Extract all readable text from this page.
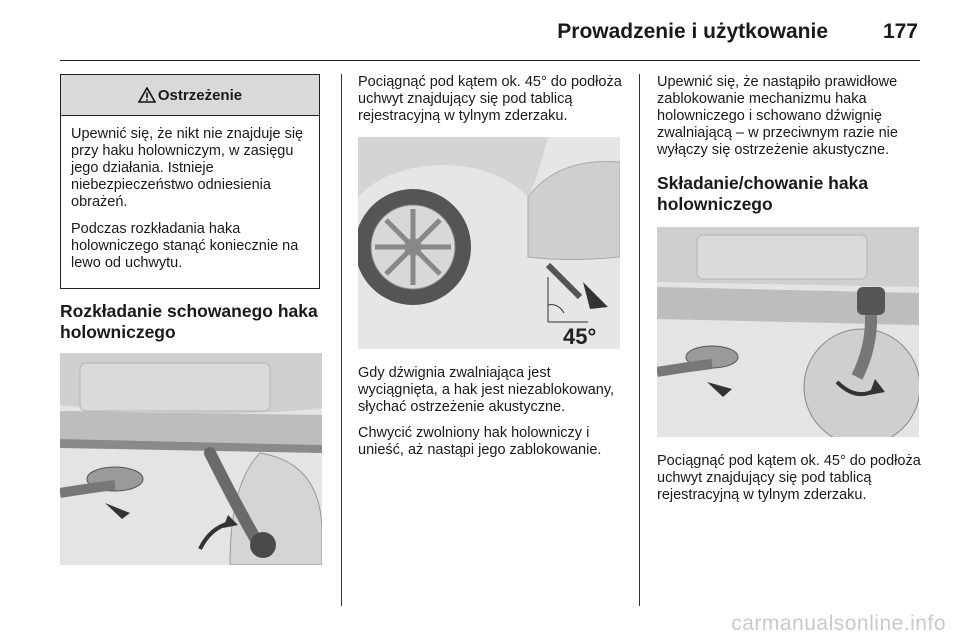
Prowadzenie i użytkowanie	177
Ostrzeżenie

Upewnić się, że nikt nie znajduje się przy haku holowniczym, w zasięgu jego działania. Istnieje niebezpieczeństwo odniesienia obrażeń.

Podczas rozkładania haka holowniczego stanąć koniecznie na lewo od uchwytu.

Rozkładanie schowanego haka holowniczego

Pociągnąć pod kątem ok. 45° do podłoża uchwyt znajdujący się pod tablicą rejestracyjną w tylnym zderzaku.

45°

Gdy dźwignia zwalniająca jest wyciągnięta, a hak jest niezablokowany, słychać ostrzeżenie akustyczne.

Chwycić zwolniony hak holowniczy i unieść, aż nastąpi jego zablokowanie.

Upewnić się, że nastąpiło prawidłowe zablokowanie mechanizmu haka holowniczego i schowano dźwignię zwalniającą – w przeciwnym razie nie wyłączy się ostrzeżenie akustyczne.

Składanie/chowanie haka holowniczego

Pociągnąć pod kątem ok. 45° do podłoża uchwyt znajdujący się pod tablicą rejestracyjną w tylnym zderzaku.

carmanualsonline.info
